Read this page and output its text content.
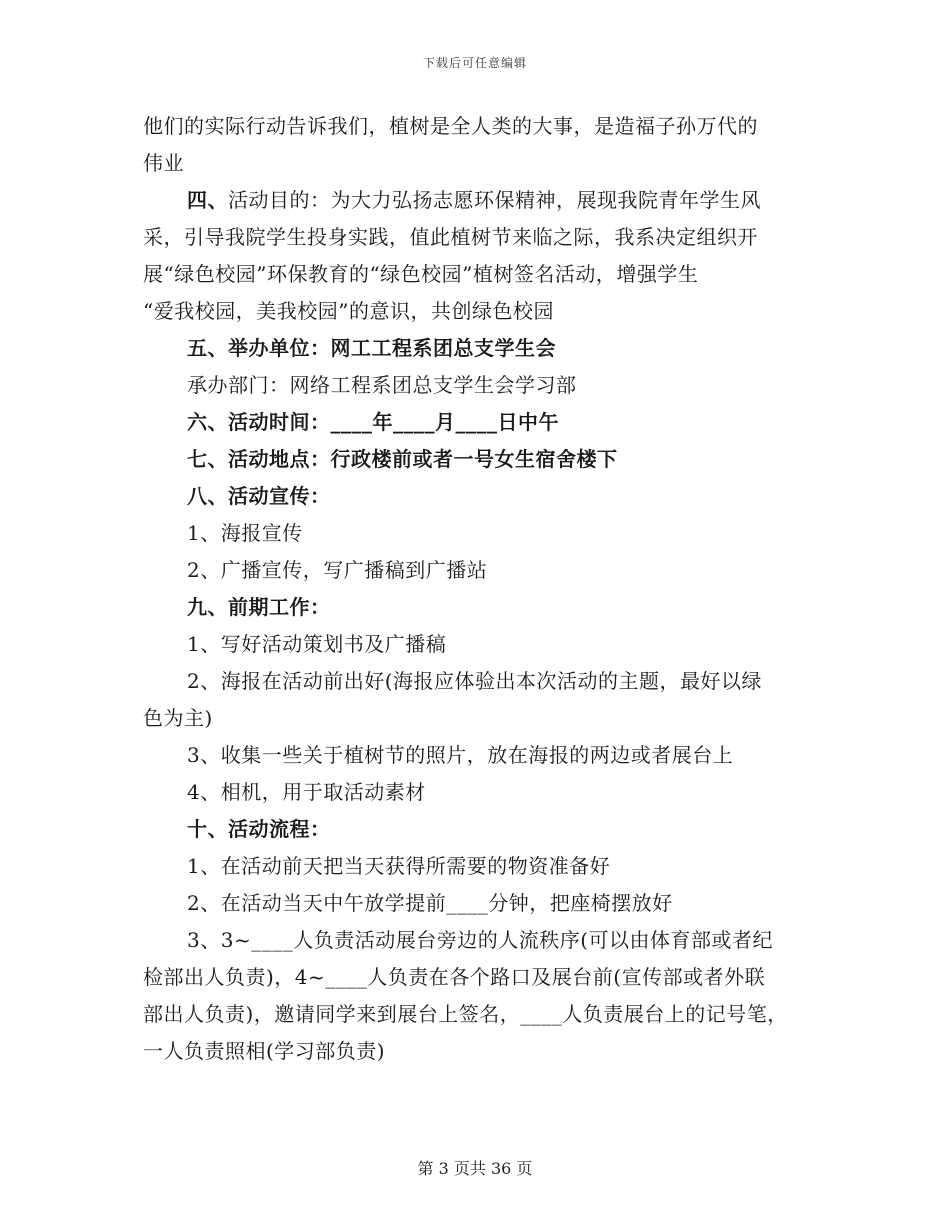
下载后可任意编辑
他们的实际行动告诉我们，植树是全人类的大事，是造福子孙万代的
伟业
四、活动目的：为大力弘扬志愿环保精神，展现我院青年学生风
采，引导我院学生投身实践，值此植树节来临之际，我系决定组织开
展“绿色校园”环保教育的“绿色校园”植树签名活动，增强学生
“爱我校园，美我校园”的意识，共创绿色校园
五、举办单位：网工工程系团总支学生会
承办部门：网络工程系团总支学生会学习部
六、活动时间：____年____月____日中午
七、活动地点：行政楼前或者一号女生宿舍楼下
八、活动宣传：
1、海报宣传
2、广播宣传，写广播稿到广播站
九、前期工作：
1、写好活动策划书及广播稿
2、海报在活动前出好(海报应体验出本次活动的主题，最好以绿
色为主)
3、收集一些关于植树节的照片，放在海报的两边或者展台上
4、相机，用于取活动素材
十、活动流程：
1、在活动前天把当天获得所需要的物资准备好
2、在活动当天中午放学提前____分钟，把座椅摆放好
3、3~____人负责活动展台旁边的人流秩序(可以由体育部或者纪
检部出人负责)，4~____人负责在各个路口及展台前(宣传部或者外联
部出人负责)，邀请同学来到展台上签名，____人负责展台上的记号笔，
一人负责照相(学习部负责)
第 3 页共 36 页
